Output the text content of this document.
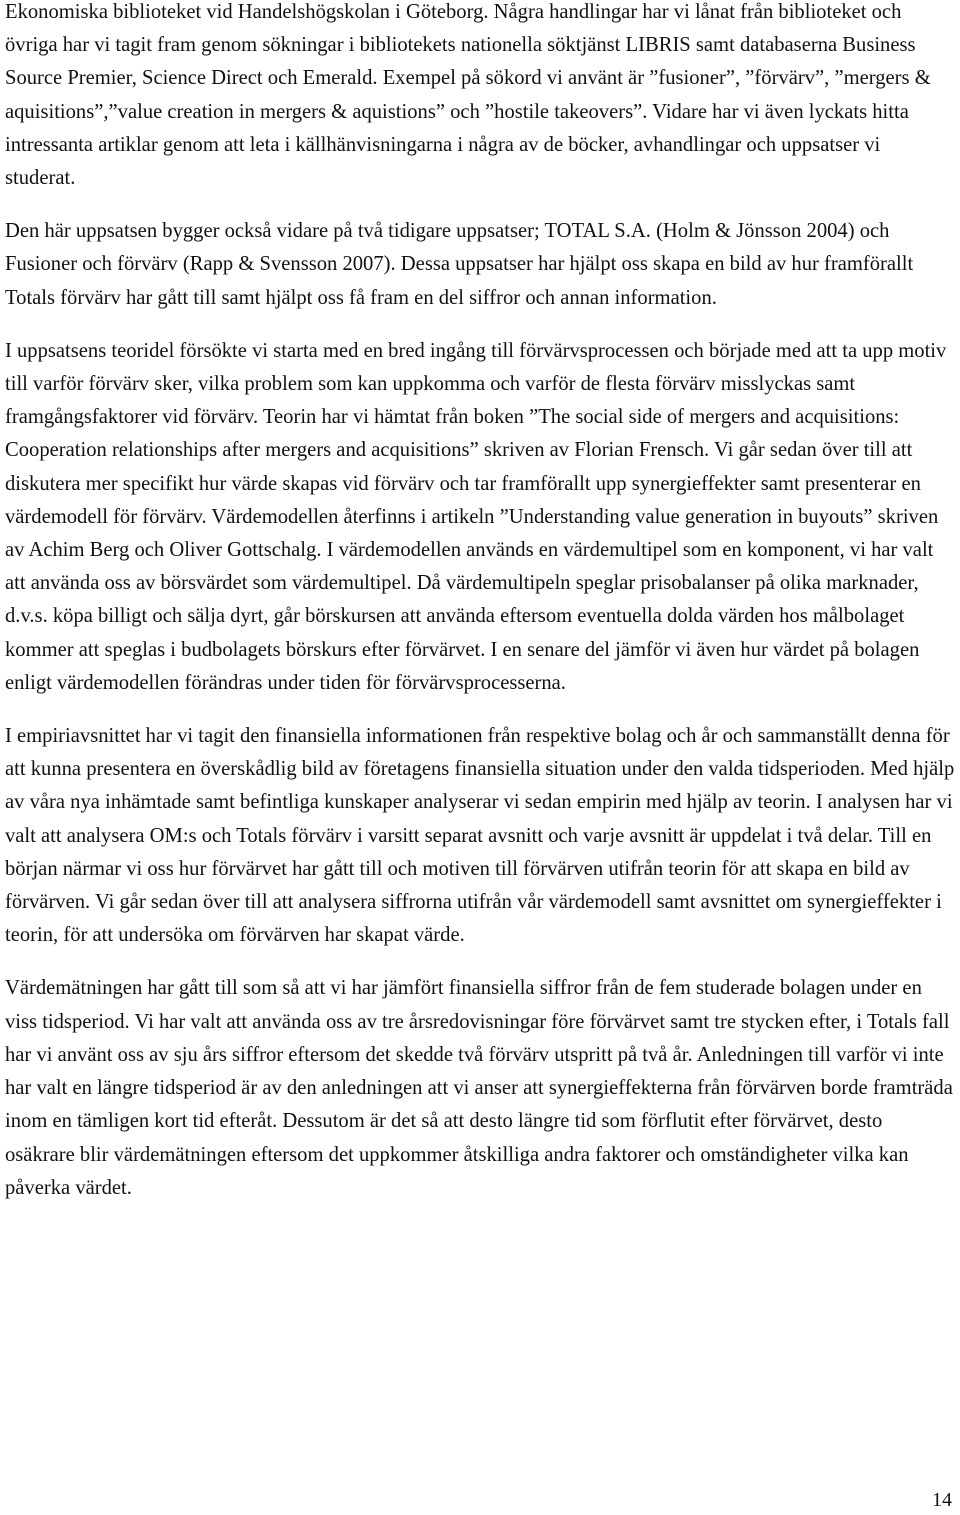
Ekonomiska biblioteket vid Handelshögskolan i Göteborg. Några handlingar har vi lånat från biblioteket och övriga har vi tagit fram genom sökningar i bibliotekets nationella söktjänst LIBRIS samt databaserna Business Source Premier, Science Direct och Emerald. Exempel på sökord vi använt är ”fusioner”, ”förvärv”, ”mergers & aquisitions”,”value creation in mergers & aquistions” och ”hostile takeovers”. Vidare har vi även lyckats hitta intressanta artiklar genom att leta i källhänvisningarna i några av de böcker, avhandlingar och uppsatser vi studerat.

Den här uppsatsen bygger också vidare på två tidigare uppsatser; TOTAL S.A. (Holm & Jönsson 2004) och Fusioner och förvärv (Rapp & Svensson 2007). Dessa uppsatser har hjälpt oss skapa en bild av hur framförallt Totals förvärv har gått till samt hjälpt oss få fram en del siffror och annan information.

I uppsatsens teoridel försökte vi starta med en bred ingång till förvärvsprocessen och började med att ta upp motiv till varför förvärv sker, vilka problem som kan uppkomma och varför de flesta förvärv misslyckas samt framgångsfaktorer vid förvärv. Teorin har vi hämtat från boken ”The social side of mergers and acquisitions: Cooperation relationships after mergers and acquisitions” skriven av Florian Frensch. Vi går sedan över till att diskutera mer specifikt hur värde skapas vid förvärv och tar framförallt upp synergieffekter samt presenterar en värdemodell för förvärv. Värdemodellen återfinns i artikeln ”Understanding value generation in buyouts” skriven av Achim Berg och Oliver Gottschalg. I värdemodellen används en värdemultipel som en komponent, vi har valt att använda oss av börsvärdet som värdemultipel. Då värdemultipeln speglar prisobalanser på olika marknader, d.v.s. köpa billigt och sälja dyrt, går börskursen att använda eftersom eventuella dolda värden hos målbolaget kommer att speglas i budbolagets börskurs efter förvärvet. I en senare del jämför vi även hur värdet på bolagen enligt värdemodellen förändras under tiden för förvärvsprocesserna.

I empiriavsnittet har vi tagit den finansiella informationen från respektive bolag och år och sammanställt denna för att kunna presentera en överskådlig bild av företagens finansiella situation under den valda tidsperioden. Med hjälp av våra nya inhämtade samt befintliga kunskaper analyserar vi sedan empirin med hjälp av teorin. I analysen har vi valt att analysera OM:s och Totals förvärv i varsitt separat avsnitt och varje avsnitt är uppdelat i två delar. Till en början närmar vi oss hur förvärvet har gått till och motiven till förvärven utifrån teorin för att skapa en bild av förvärven. Vi går sedan över till att analysera siffrorna utifrån vår värdemodell samt avsnittet om synergieffekter i teorin, för att undersöka om förvärven har skapat värde.

Värdemätningen har gått till som så att vi har jämfört finansiella siffror från de fem studerade bolagen under en viss tidsperiod. Vi har valt att använda oss av tre årsredovisningar före förvärvet samt tre stycken efter, i Totals fall har vi använt oss av sju års siffror eftersom det skedde två förvärv utspritt på två år. Anledningen till varför vi inte har valt en längre tidsperiod är av den anledningen att vi anser att synergieffekterna från förvärven borde framträda inom en tämligen kort tid efteråt. Dessutom är det så att desto längre tid som förflutit efter förvärvet, desto osäkrare blir värdemätningen eftersom det uppkommer åtskilliga andra faktorer och omständigheter vilka kan påverka värdet.

14
